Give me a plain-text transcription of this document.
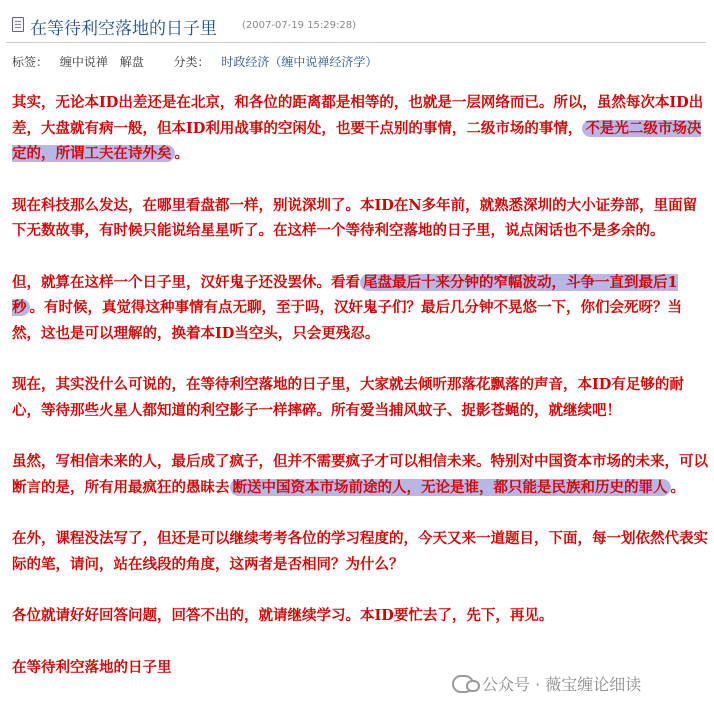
在等待利空落地的日子里	(2007-07-19 15:29:28)
标签： 缠中说禅 解盘 分类： 时政经济（缠中说禅经济学）

其实，无论本ID出差还是在北京，和各位的距离都是相等的，也就是一层网络而已。所以，虽然每次本ID出差，大盘就有病一般，但本ID利用战事的空闲处，也要干点别的事情，二级市场的事情， 不是光二级市场决定的，所谓工夫在诗外矣 。

现在科技那么发达，在哪里看盘都一样，别说深圳了。本ID在N多年前，就熟悉深圳的大小证券部，里面留下无数故事，有时候只能说给星星听了。在这样一个等待利空落地的日子里，说点闲话也不是多余的。

但，就算在这样一个日子里，汉奸鬼子还没罢休。看看 尾盘最后十来分钟的窄幅波动，斗争一直到最后1秒 。有时候，真觉得这种事情有点无聊，至于吗，汉奸鬼子们？最后几分钟不晃悠一下，你们会死呀？当然，这也是可以理解的，换着本ID当空头，只会更残忍。

现在，其实没什么可说的，在等待利空落地的日子里，大家就去倾听那落花飘落的声音，本ID有足够的耐心，等待那些火星人都知道的利空影子一样摔碎。所有爱当捕风蚊子、捉影苍蝇的，就继续吧！

虽然，写相信未来的人，最后成了疯子，但并不需要疯子才可以相信未来。特别对中国资本市场的未来，可以断言的是，所有用最疯狂的愚昧去 断送中国资本市场前途的人，无论是谁，都只能是民族和历史的罪人 。

在外，课程没法写了，但还是可以继续考考各位的学习程度的，今天又来一道题目，下面，每一划依然代表实际的笔，请问，站在线段的角度，这两者是否相同？为什么？

各位就请好好回答问题，回答不出的，就请继续学习。本ID要忙去了，先下，再见。

在等待利空落地的日子里

公众号 · 薇宝缠论细读
